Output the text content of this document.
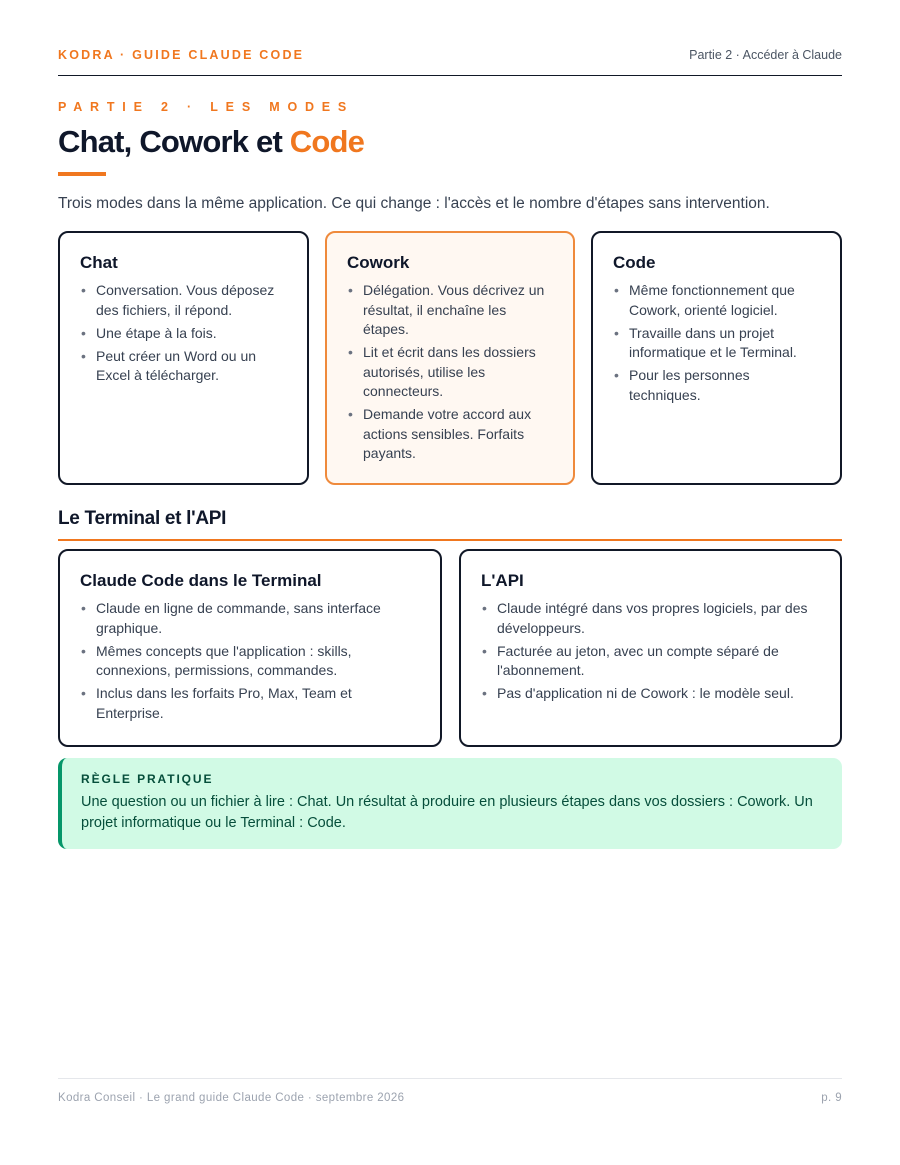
KODRA · GUIDE CLAUDE CODE	Partie 2 · Accéder à Claude
PARTIE 2 · LES MODES
Chat, Cowork et Code

Trois modes dans la même application. Ce qui change : l'accès et le nombre d'étapes sans intervention.

Chat
• Conversation. Vous déposez des fichiers, il répond.
• Une étape à la fois.
• Peut créer un Word ou un Excel à télécharger.
Cowork
• Délégation. Vous décrivez un résultat, il enchaîne les étapes.
• Lit et écrit dans les dossiers autorisés, utilise les connecteurs.
• Demande votre accord aux actions sensibles. Forfaits payants.
Code
• Même fonctionnement que Cowork, orienté logiciel.
• Travaille dans un projet informatique et le Terminal.
• Pour les personnes techniques.
Le Terminal et l'API
Claude Code dans le Terminal
• Claude en ligne de commande, sans interface graphique.
• Mêmes concepts que l'application : skills, connexions, permissions, commandes.
• Inclus dans les forfaits Pro, Max, Team et Enterprise.
L'API
• Claude intégré dans vos propres logiciels, par des développeurs.
• Facturée au jeton, avec un compte séparé de l'abonnement.
• Pas d'application ni de Cowork : le modèle seul.
RÈGLE PRATIQUE
Une question ou un fichier à lire : Chat. Un résultat à produire en plusieurs étapes dans vos dossiers : Cowork. Un projet informatique ou le Terminal : Code.
Kodra Conseil · Le grand guide Claude Code · septembre 2026	p. 9
